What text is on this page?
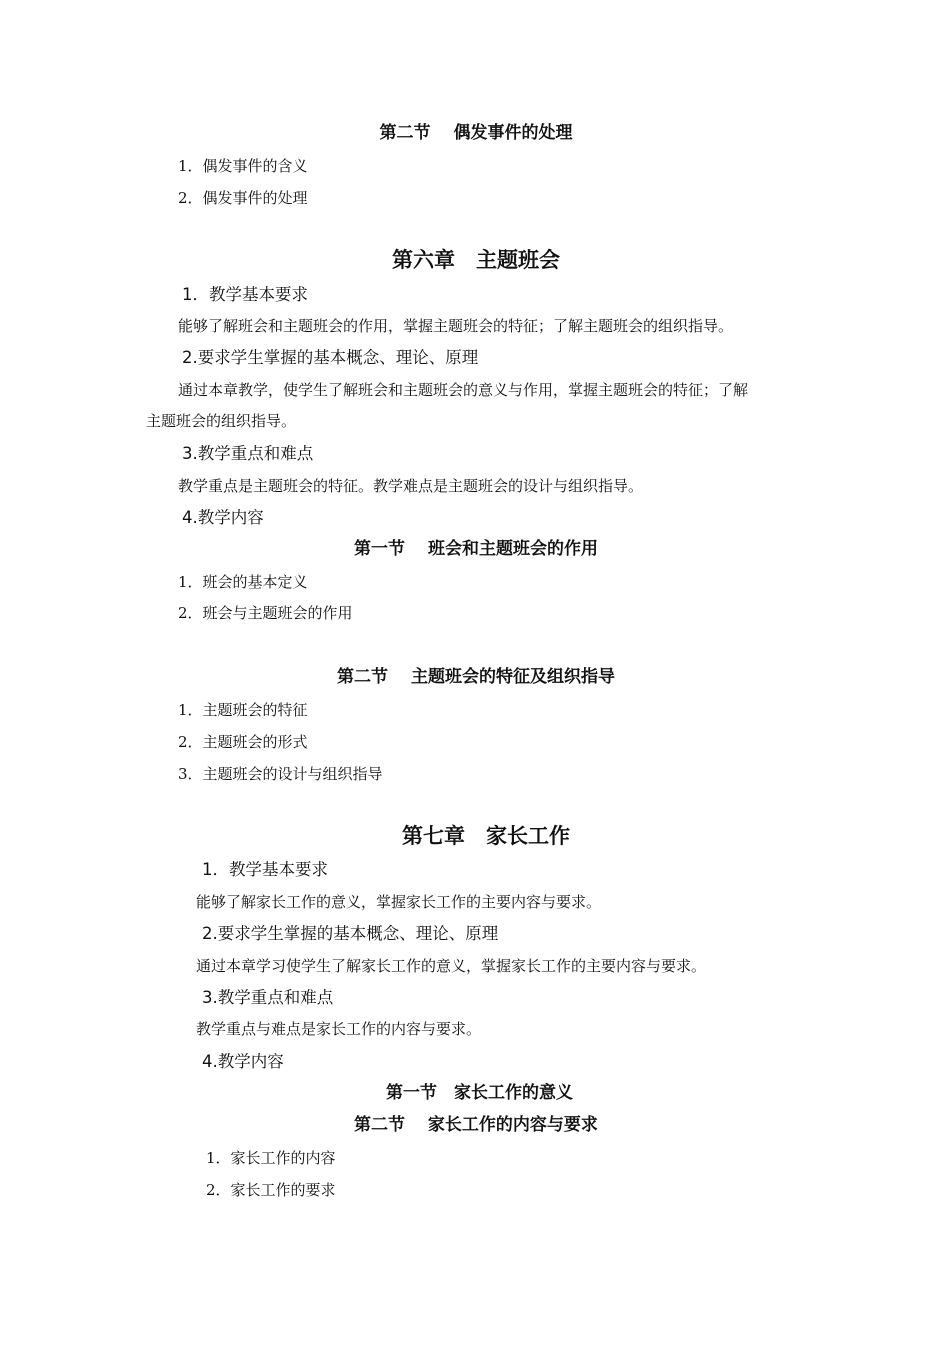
第二节　 偶发事件的处理
1．偶发事件的含义
2．偶发事件的处理
第六章　主题班会
1．教学基本要求
能够了解班会和主题班会的作用，掌握主题班会的特征；了解主题班会的组织指导。
2.要求学生掌握的基本概念、理论、原理
通过本章教学，使学生了解班会和主题班会的意义与作用，掌握主题班会的特征；了解
主题班会的组织指导。
3.教学重点和难点
教学重点是主题班会的特征。教学难点是主题班会的设计与组织指导。
4.教学内容
第一节　 班会和主题班会的作用
1．班会的基本定义
2．班会与主题班会的作用
第二节　 主题班会的特征及组织指导
1．主题班会的特征
2．主题班会的形式
3．主题班会的设计与组织指导
第七章　家长工作
1．教学基本要求
能够了解家长工作的意义，掌握家长工作的主要内容与要求。
2.要求学生掌握的基本概念、理论、原理
通过本章学习使学生了解家长工作的意义，掌握家长工作的主要内容与要求。
3.教学重点和难点
教学重点与难点是家长工作的内容与要求。
4.教学内容
第一节　家长工作的意义
第二节　 家长工作的内容与要求
1．家长工作的内容
2．家长工作的要求
